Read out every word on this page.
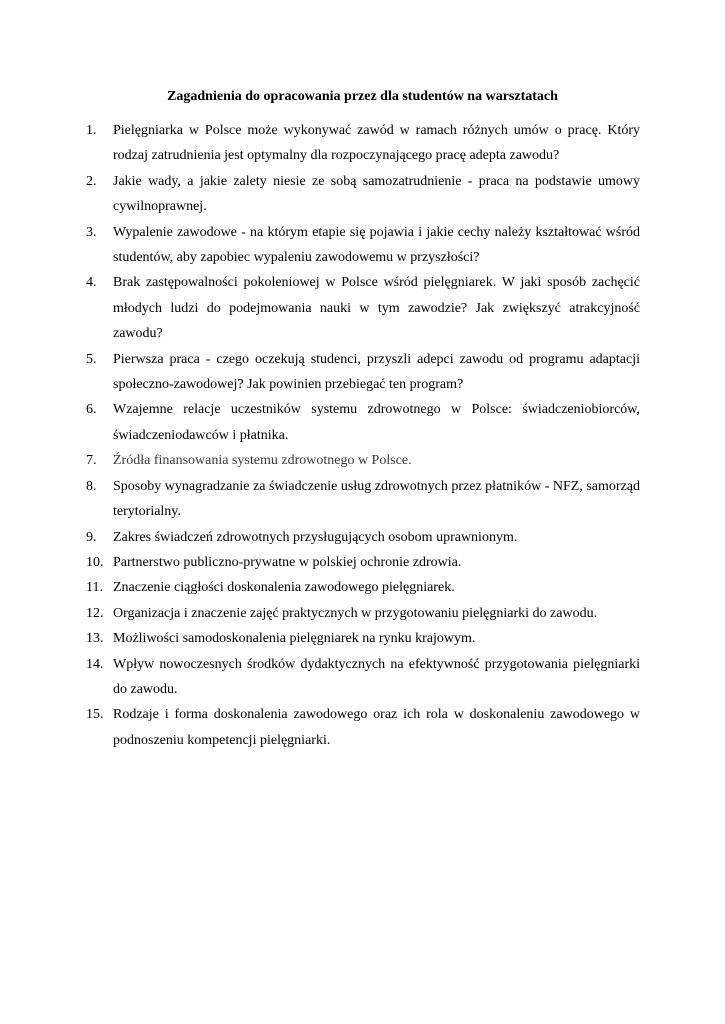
Zagadnienia do opracowania przez dla studentów na warsztatach
1. Pielęgniarka w Polsce może wykonywać zawód w ramach różnych umów o pracę. Który rodzaj zatrudnienia jest optymalny dla rozpoczynającego pracę adepta zawodu?
2. Jakie wady, a jakie zalety niesie ze sobą samozatrudnienie - praca na podstawie umowy cywilnoprawnej.
3. Wypalenie zawodowe - na którym etapie się pojawia i jakie cechy należy kształtować wśród studentów, aby zapobiec wypaleniu zawodowemu w przyszłości?
4. Brak zastępowalności pokoleniowej w Polsce wśród pielęgniarek. W jaki sposób zachęcić młodych ludzi do podejmowania nauki w tym zawodzie? Jak zwiększyć atrakcyjność zawodu?
5. Pierwsza praca - czego oczekują studenci, przyszli adepci zawodu od programu adaptacji społeczno-zawodowej? Jak powinien przebiegać ten program?
6. Wzajemne relacje uczestników systemu zdrowotnego w Polsce: świadczeniobiorców, świadczeniodawców i płatnika.
7. Źródła finansowania systemu zdrowotnego w Polsce.
8. Sposoby wynagradzanie za świadczenie usług zdrowotnych przez płatników - NFZ, samorząd terytorialny.
9. Zakres świadczeń zdrowotnych przysługujących osobom uprawnionym.
10. Partnerstwo publiczno-prywatne w polskiej ochronie zdrowia.
11. Znaczenie ciągłości doskonalenia zawodowego pielęgniarek.
12. Organizacja i znaczenie zajęć praktycznych w przygotowaniu pielęgniarki do zawodu.
13. Możliwości samodoskonalenia pielęgniarek na rynku krajowym.
14. Wpływ nowoczesnych środków dydaktycznych na efektywność przygotowania pielęgniarki do zawodu.
15. Rodzaje i forma doskonalenia zawodowego oraz ich rola w doskonaleniu zawodowego w podnoszeniu kompetencji pielęgniarki.
